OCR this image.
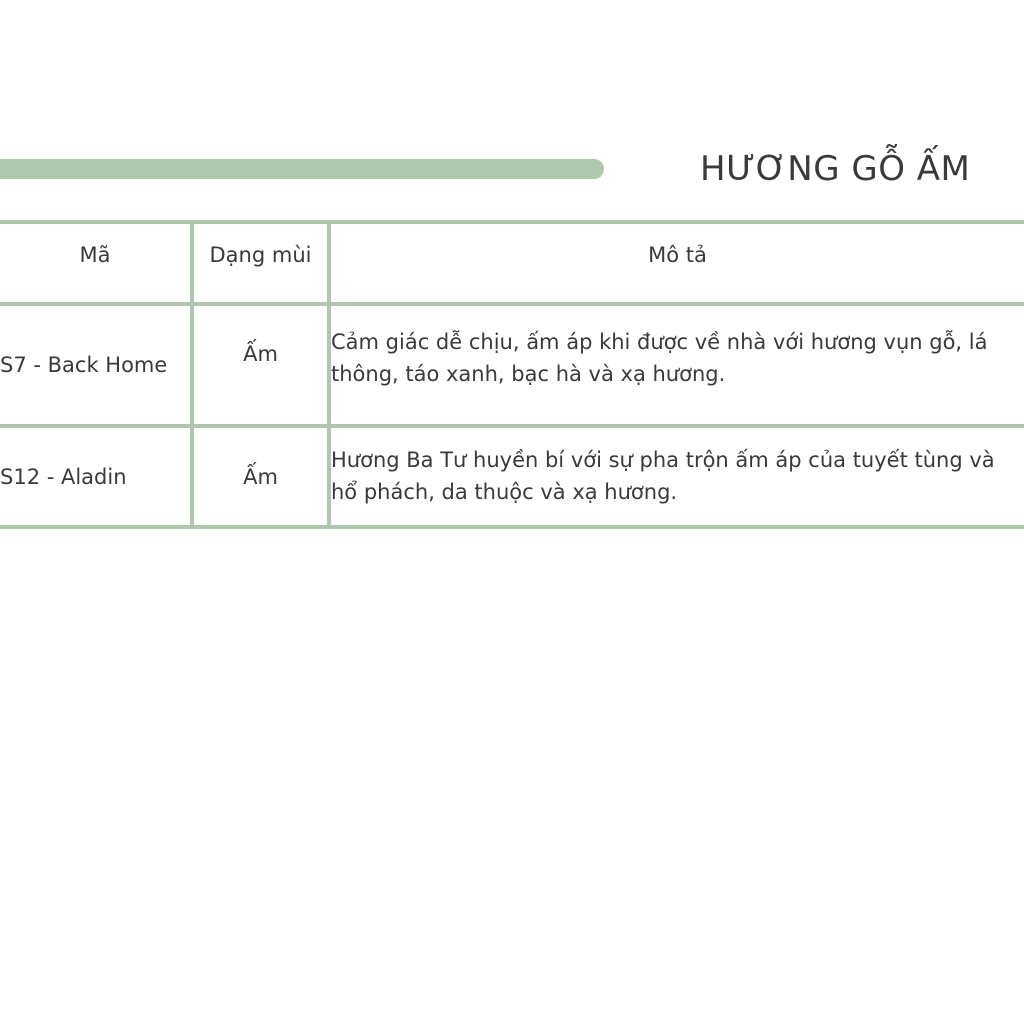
HƯƠNG GỖ ẤM
Mã	Dạng mùi	Mô tả
S7 - Back Home	Ấm	Cảm giác dễ chịu, ấm áp khi được về nhà với hương vụn gỗ, lá thông, táo xanh, bạc hà và xạ hương.
S12 - Aladin	Ấm	Hương Ba Tư huyền bí với sự pha trộn ấm áp của tuyết tùng và hổ phách, da thuộc và xạ hương.
